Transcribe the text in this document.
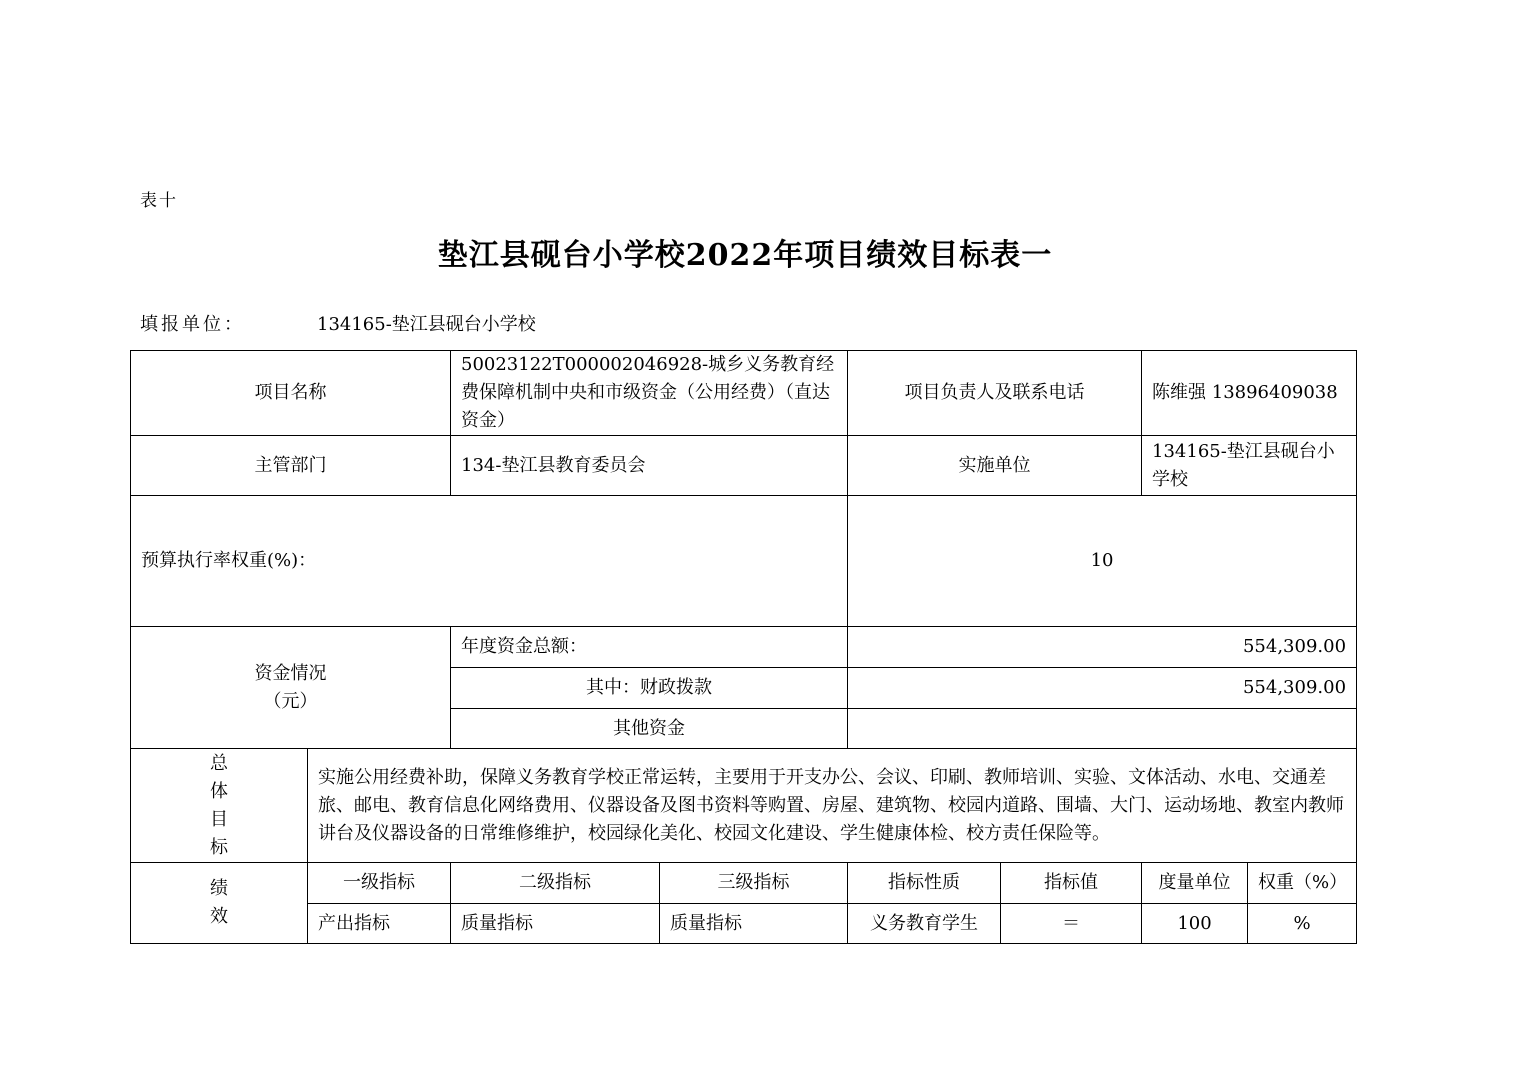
表十
垫江县砚台小学校2022年项目绩效目标表一
填报单位：	134165-垫江县砚台小学校
项目名称		50023122T000002046928-城乡义务教育经费保障机制中央和市级资金（公用经费）（直达资金）		项目负责人及联系电话		陈维强 13896409038	
主管部门		134-垫江县教育委员会		实施单位		134165-垫江县砚台小学校	
预算执行率权重(%)：				10			

资金情况
（元）		年度资金总额：		554,309.00			
		其中：财政拨款		554,309.00			
		其他资金					

总
体
目
标	实施公用经费补助，保障义务教育学校正常运转，主要用于开支办公、会议、印刷、教师培训、实验、文体活动、水电、交通差旅、邮电、教育信息化网络费用、仪器设备及图书资料等购置、房屋、建筑物、校园内道路、围墙、大门、运动场地、教室内教师讲台及仪器设备的日常维修维护，校园绿化美化、校园文化建设、学生健康体检、校方责任保险等。						

绩
效	一级指标	二级指标	三级指标	指标性质	指标值	度量单位	权重（%）
	产出指标	质量指标	质量指标	义务教育学生	＝	100	%
